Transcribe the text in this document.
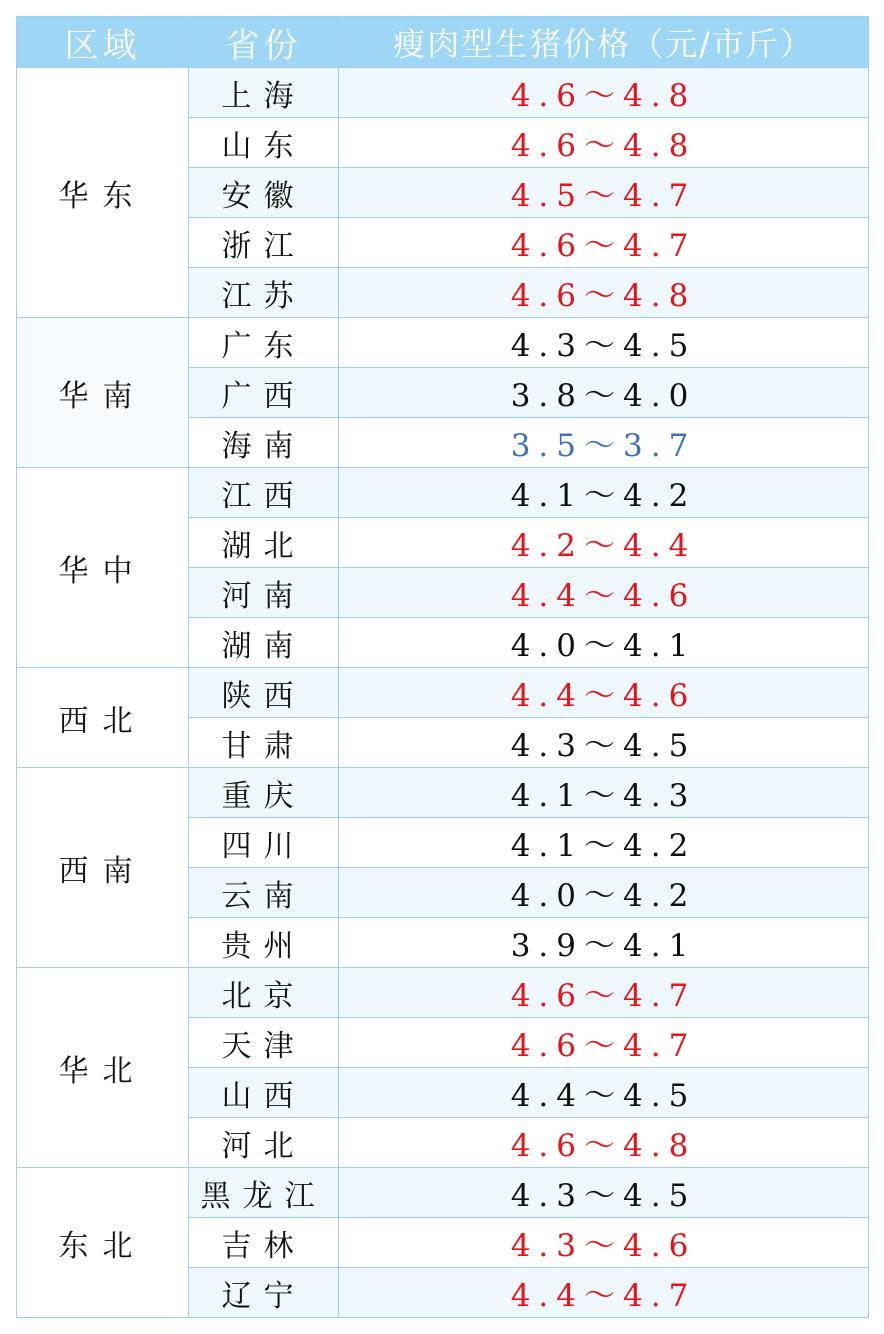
区域	省份	瘦肉型生猪价格（元/市斤）
华东	上海	4.6～4.8
	山东	4.6～4.8
	安徽	4.5～4.7
	浙江	4.6～4.7
	江苏	4.6～4.8
华南	广东	4.3～4.5
	广西	3.8～4.0
	海南	3.5～3.7
华中	江西	4.1～4.2
	湖北	4.2～4.4
	河南	4.4～4.6
	湖南	4.0～4.1
西北	陕西	4.4～4.6
	甘肃	4.3～4.5
西南	重庆	4.1～4.3
	四川	4.1～4.2
	云南	4.0～4.2
	贵州	3.9～4.1
华北	北京	4.6～4.7
	天津	4.6～4.7
	山西	4.4～4.5
	河北	4.6～4.8
东北	黑龙江	4.3～4.5
	吉林	4.3～4.6
	辽宁	4.4～4.7
